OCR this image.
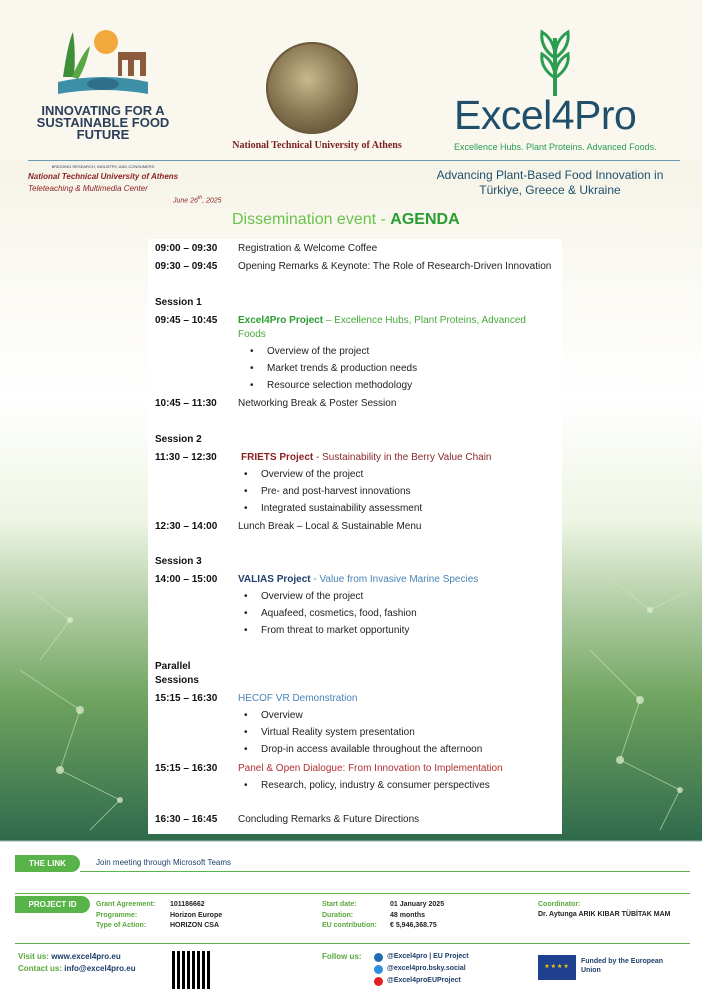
INNOVATING FOR A SUSTAINABLE FOOD FUTURE
BRIDGING RESEARCH, INDUSTRY, AND CONSUMERS
National Technical University of Athens
Excel4Pro
Excellence Hubs. Plant Proteins. Advanced Foods.
National Technical University of Athens
Teleteaching & Multimedia Center
June 26th, 2025
Advancing Plant-Based Food Innovation in Türkiye, Greece & Ukraine
Dissemination event - AGENDA
09:00 – 09:30 Registration & Welcome Coffee
09:30 – 09:45 Opening Remarks & Keynote: The Role of Research-Driven Innovation
Session 1
09:45 – 10:45 Excel4Pro Project – Excellence Hubs, Plant Proteins, Advanced
Foods
• Overview of the project
• Market trends & production needs
• Resource selection methodology
10:45 – 11:30 Networking Break & Poster Session
Session 2
11:30 – 12:30 FRIETS Project - Sustainability in the Berry Value Chain
• Overview of the project
• Pre- and post-harvest innovations
• Integrated sustainability assessment
12:30 – 14:00 Lunch Break – Local & Sustainable Menu
Session 3
14:00 – 15:00 VALIAS Project - Value from Invasive Marine Species
• Overview of the project
• Aquafeed, cosmetics, food, fashion
• From threat to market opportunity
Parallel
Sessions
15:15 – 16:30 HECOF VR Demonstration
• Overview
• Virtual Reality system presentation
• Drop-in access available throughout the afternoon
15:15 – 16:30 Panel & Open Dialogue: From Innovation to Implementation
• Research, policy, industry & consumer perspectives
16:30 – 16:45 Concluding Remarks & Future Directions
THE LINK	Join meeting through Microsoft Teams
PROJECT ID	Grant Agreement: 101186662
Programme:	Horizon Europe
Type of Action:	HORIZON CSA
Start date:	01 January 2025
Duration:	48 months
EU contribution: € 5,946,368.75
Coordinator:
Dr. Aytunga ARIK KIBAR TÜBİTAK MAM
Visit us: www.excel4pro.eu
Contact us: info@excel4pro.eu
Follow us:	@Excel4pro | EU Project
@excel4pro.bsky.social
@Excel4proEUProject
★★★★
Funded by the European Union
